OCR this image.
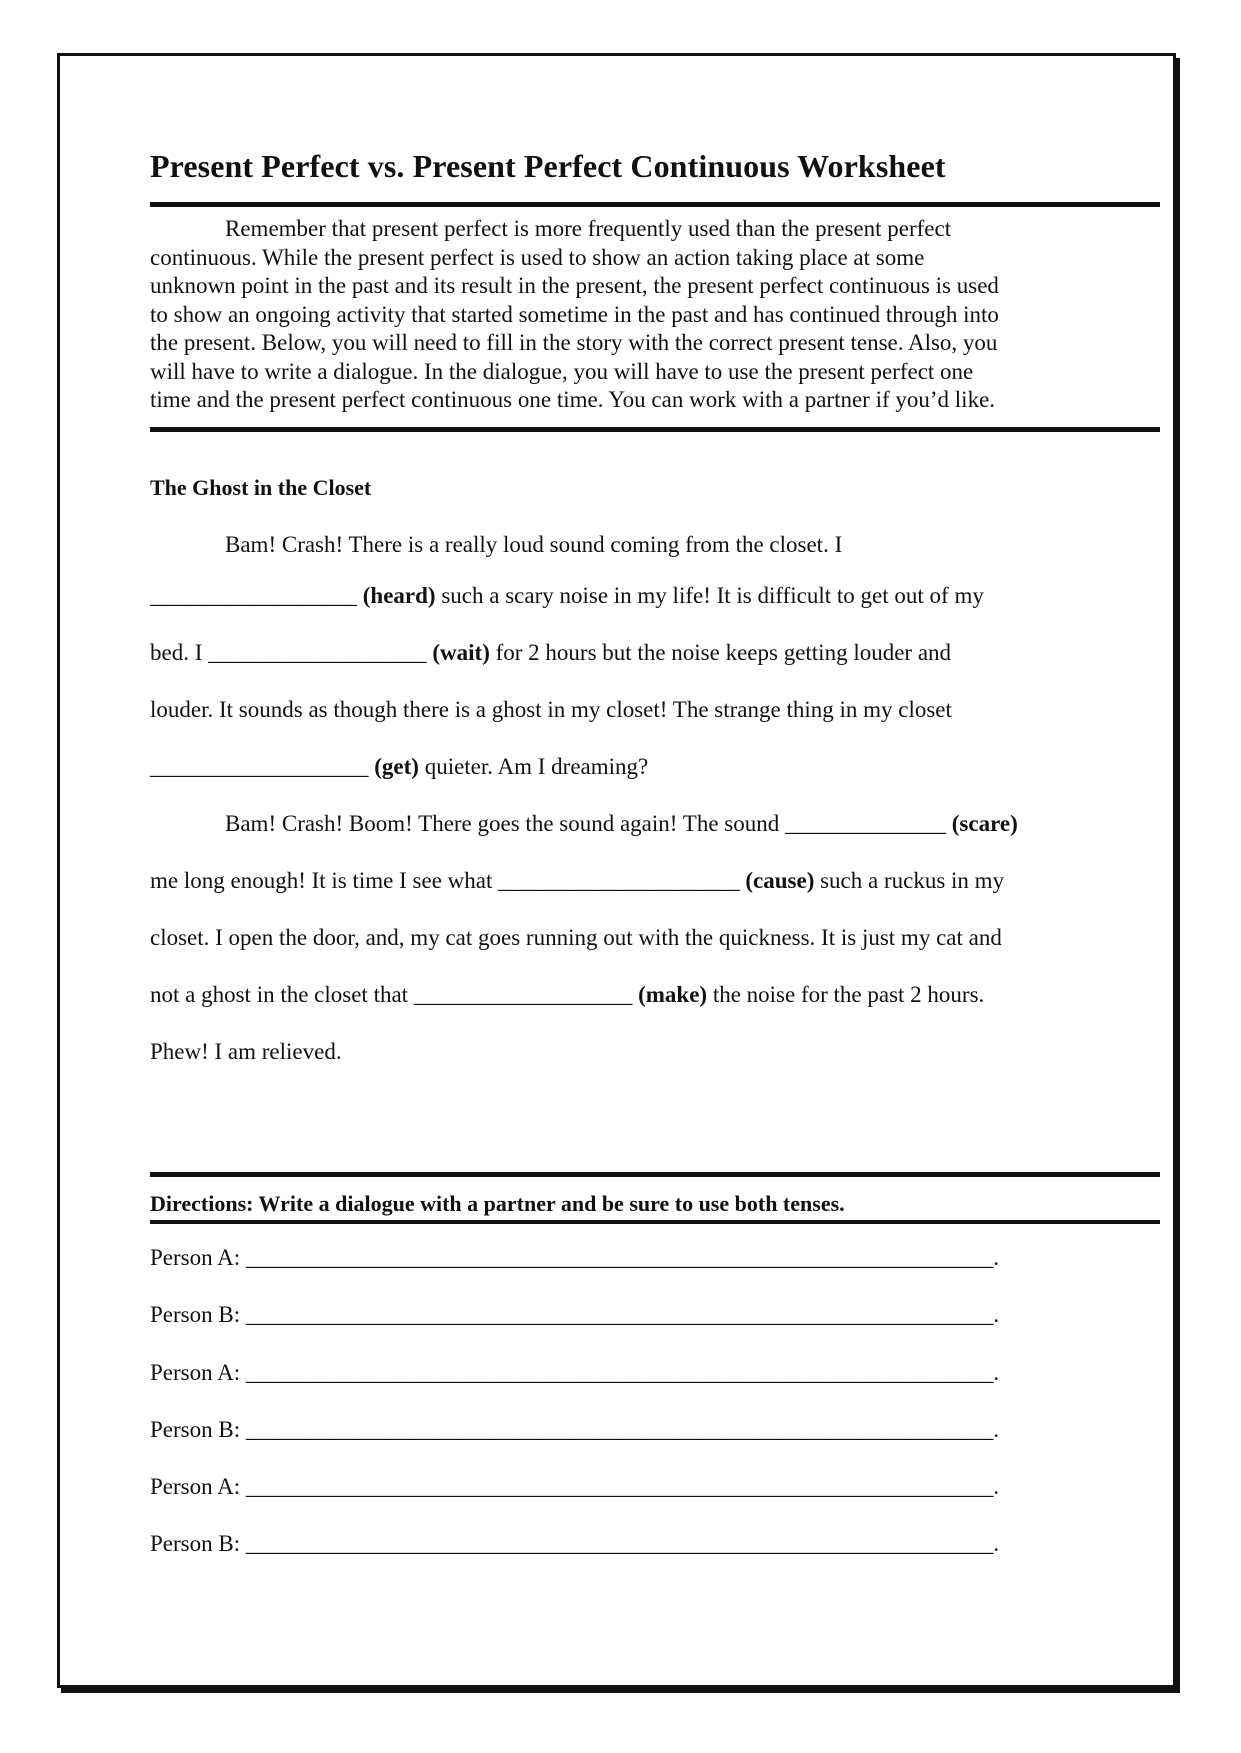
Present Perfect vs. Present Perfect Continuous Worksheet
Remember that present perfect is more frequently used than the present perfect
continuous. While the present perfect is used to show an action taking place at some
unknown point in the past and its result in the present, the present perfect continuous is used
to show an ongoing activity that started sometime in the past and has continued through into
the present. Below, you will need to fill in the story with the correct present tense. Also, you
will have to write a dialogue. In the dialogue, you will have to use the present perfect one
time and the present perfect continuous one time. You can work with a partner if you’d like.
The Ghost in the Closet
Bam! Crash! There is a really loud sound coming from the closet. I
__________________ (heard) such a scary noise in my life! It is difficult to get out of my
bed. I ___________________ (wait) for 2 hours but the noise keeps getting louder and
louder. It sounds as though there is a ghost in my closet! The strange thing in my closet
___________________ (get) quieter. Am I dreaming?
Bam! Crash! Boom! There goes the sound again! The sound ______________ (scare)
me long enough! It is time I see what _____________________ (cause) such a ruckus in my
closet. I open the door, and, my cat goes running out with the quickness. It is just my cat and
not a ghost in the closet that ___________________ (make) the noise for the past 2 hours.
Phew! I am relieved.
Directions: Write a dialogue with a partner and be sure to use both tenses.
Person A: _________________________________________________________________.
Person B: _________________________________________________________________.
Person A: _________________________________________________________________.
Person B: _________________________________________________________________.
Person A: _________________________________________________________________.
Person B: _________________________________________________________________.
